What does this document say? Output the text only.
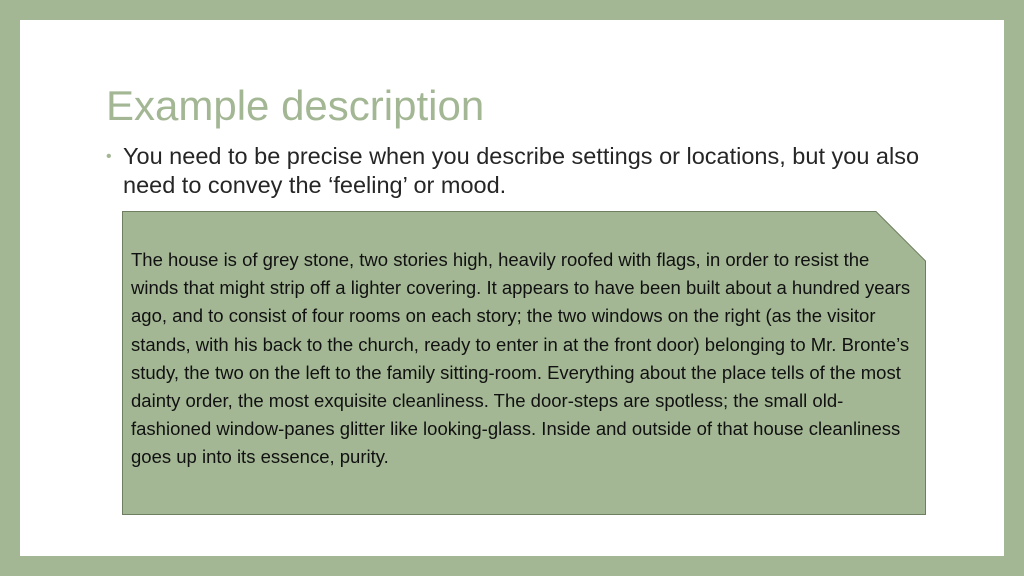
Example description
• You need to be precise when you describe settings or locations, but you also need to convey the ‘feeling’ or mood.

The house is of grey stone, two stories high, heavily roofed with flags, in order to resist the winds that might strip off a lighter covering. It appears to have been built about a hundred years ago, and to consist of four rooms on each story; the two windows on the right (as the visitor stands, with his back to the church, ready to enter in at the front door) belonging to Mr. Bronte’s study, the two on the left to the family sitting-room. Everything about the place tells of the most dainty order, the most exquisite cleanliness. The door-steps are spotless; the small old-fashioned window-panes glitter like looking-glass. Inside and outside of that house cleanliness goes up into its essence, purity.
